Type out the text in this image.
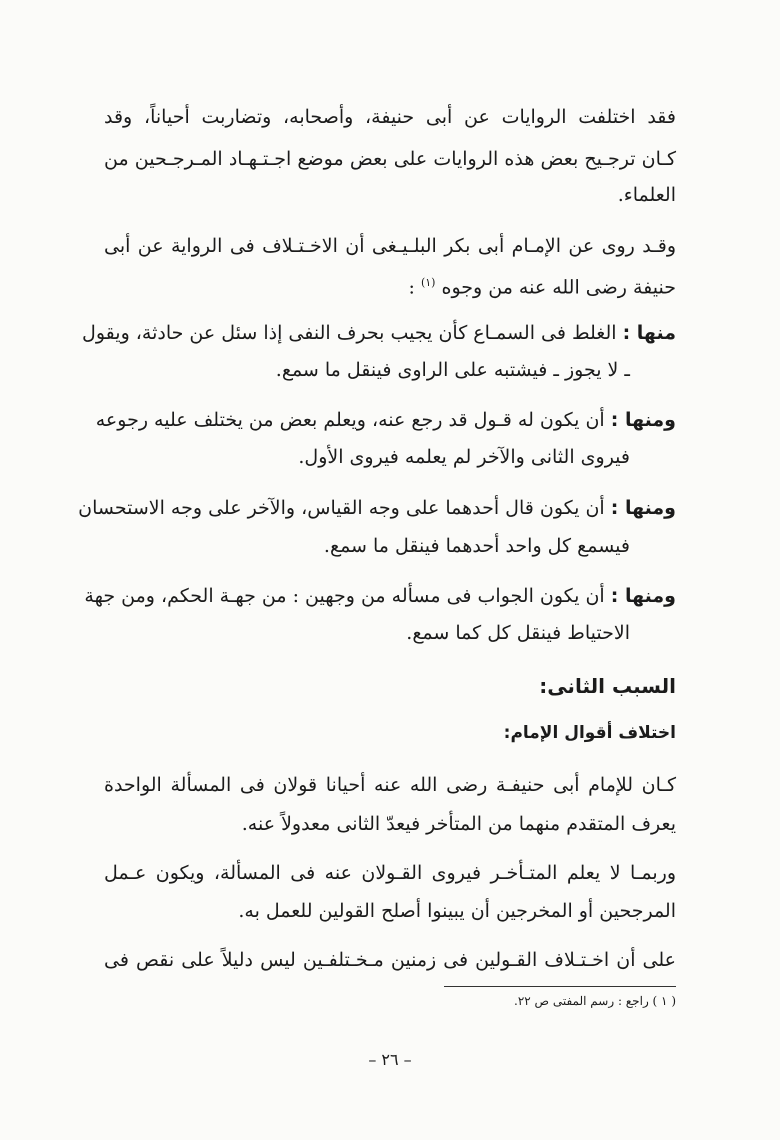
فقد اختلفت الروايات عن أبى حنيفة، وأصحابه، وتضاربت أحياناً، وقد
كـان ترجـيح بعض هذه الروايات على بعض موضع اجـتـهـاد المـرجـحين من
العلماء.
وقـد روى عن الإمـام أبى بكر البلـيـغى أن الاخـتـلاف فى الرواية عن أبى
حنيفة رضى الله عنه من وجوه $^{(١)}$ :
منها : الغلط فى السمـاع كأن يجيب بحرف النفى إذا سئل عن حادثة، ويقول
ـ لا يجوز ـ فيشتبه على الراوى فينقل ما سمع.
ومنها : أن يكون له قـول قد رجع عنه، ويعلم بعض من يختلف عليه رجوعه
فيروى الثانى والآخر لم يعلمه فيروى الأول.
ومنها : أن يكون قال أحدهما على وجه القياس، والآخر على وجه الاستحسان
فيسمع كل واحد أحدهما فينقل ما سمع.
ومنها : أن يكون الجواب فى مسأله من وجهين : من جهـة الحكم، ومن جهة
الاحتياط فينقل كل كما سمع.
السبب الثانى:
اختلاف أقوال الإمام:
كـان للإمام أبى حنيفـة رضى الله عنه أحيانا قولان فى المسألة الواحدة
يعرف المتقدم منهما من المتأخر فيعدّ الثانى معدولاً عنه.
وربمـا لا يعلم المتـأخـر فيروى القـولان عنه فى المسألة، ويكون عـمل
المرجحين أو المخرجين أن يبينوا أصلح القولين للعمل به.
على أن اخـتـلاف القـولين فى زمنين مـخـتلفـين ليس دليلاً على نقص فى
( ١ ) راجع : رسم المفتى ص ٢٢.
– ٢٦ –
